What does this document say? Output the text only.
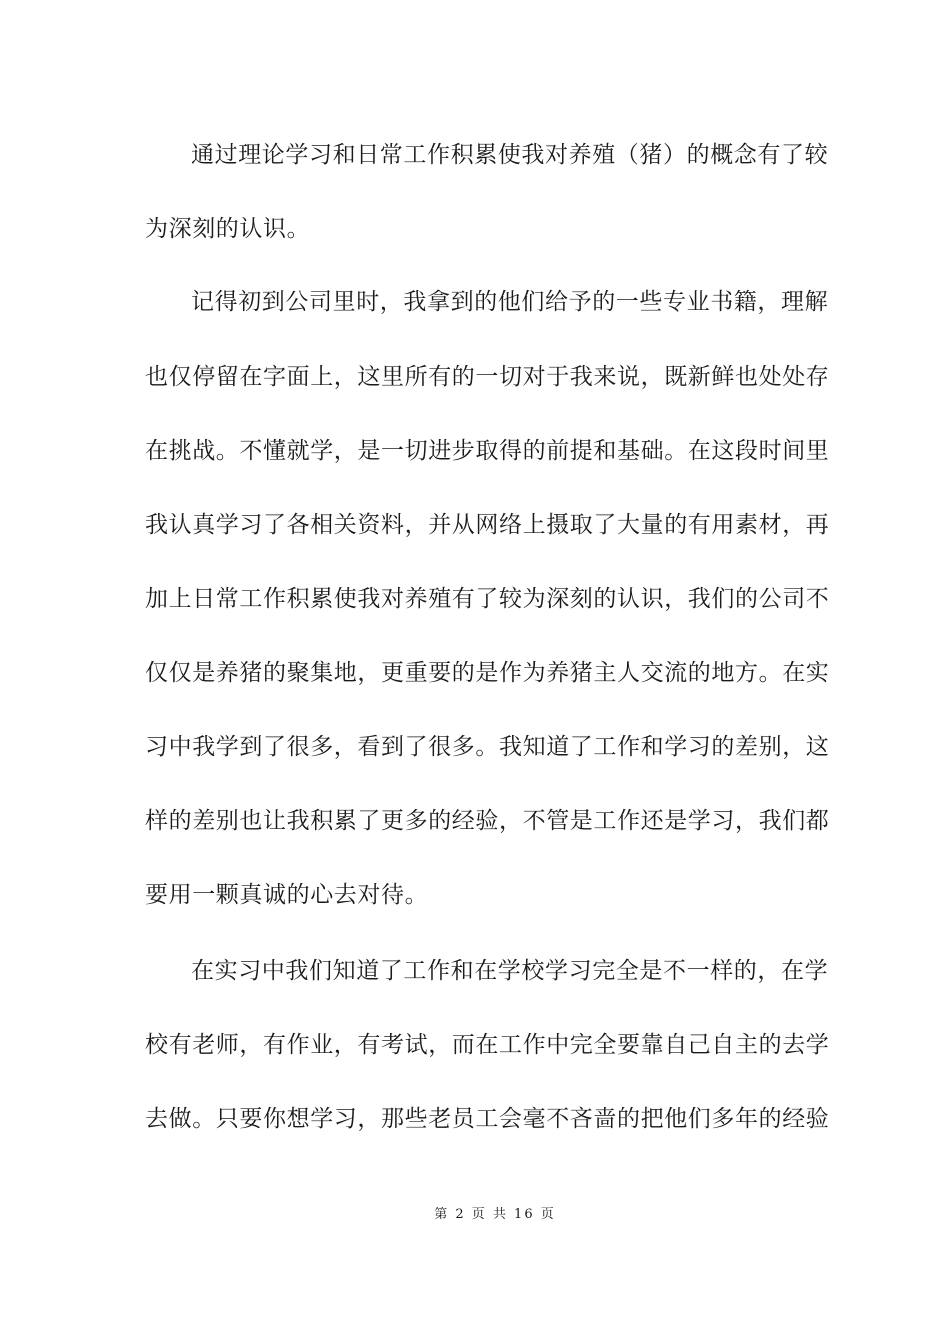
通过理论学习和日常工作积累使我对养殖（猪）的概念有了较
为深刻的认识。
记得初到公司里时，我拿到的他们给予的一些专业书籍，理解
也仅停留在字面上，这里所有的一切对于我来说，既新鲜也处处存
在挑战。不懂就学，是一切进步取得的前提和基础。在这段时间里
我认真学习了各相关资料，并从网络上摄取了大量的有用素材，再
加上日常工作积累使我对养殖有了较为深刻的认识，我们的公司不
仅仅是养猪的聚集地，更重要的是作为养猪主人交流的地方。在实
习中我学到了很多，看到了很多。我知道了工作和学习的差别，这
样的差别也让我积累了更多的经验，不管是工作还是学习，我们都
要用一颗真诚的心去对待。
在实习中我们知道了工作和在学校学习完全是不一样的，在学
校有老师，有作业，有考试，而在工作中完全要靠自己自主的去学
去做。只要你想学习，那些老员工会毫不吝啬的把他们多年的经验
第 2 页 共 16 页
